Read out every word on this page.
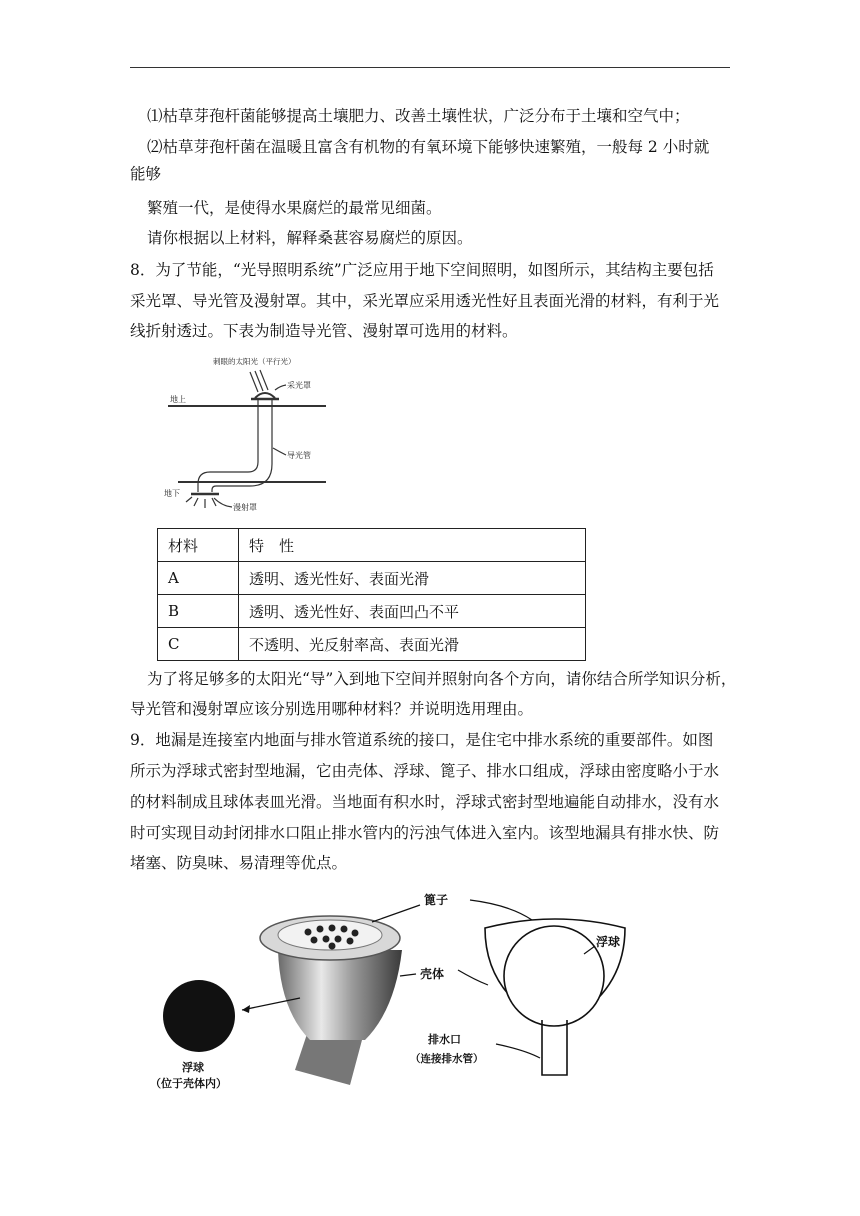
⑴枯草芽孢杆菌能够提高土壤肥力、改善土壤性状，广泛分布于土壤和空气中；
⑵枯草芽孢杆菌在温暖且富含有机物的有氧环境下能够快速繁殖，一般每 2 小时就
能够
繁殖一代，是使得水果腐烂的最常见细菌。
请你根据以上材料，解释桑葚容易腐烂的原因。
8．为了节能，“光导照明系统”广泛应用于地下空间照明，如图所示，其结构主要包括
采光罩、导光管及漫射罩。其中，采光罩应采用透光性好且表面光滑的材料，有利于光
线折射透过。下表为制造导光管、漫射罩可选用的材料。
刺眼的太阳光（平行光）
采光罩
地上
导光管
地下
漫射罩
材料	特　性
A	透明、透光性好、表面光滑
B	透明、透光性好、表面凹凸不平
C	不透明、光反射率高、表面光滑
为了将足够多的太阳光“导”入到地下空间并照射向各个方向，请你结合所学知识分析，
导光管和漫射罩应该分别选用哪种材料？并说明选用理由。
9．地漏是连接室内地面与排水管道系统的接口，是住宅中排水系统的重要部件。如图
所示为浮球式密封型地漏，它由壳体、浮球、篦子、排水口组成，浮球由密度略小于水
的材料制成且球体表皿光滑。当地面有积水时，浮球式密封型地遍能自动排水，没有水
时可实现目动封闭排水口阻止排水管内的污浊气体进入室内。该型地漏具有排水快、防
堵塞、防臭味、易清理等优点。
浮球
（位于壳体内）
篦子
浮球
壳体
排水口
（连接排水管）
